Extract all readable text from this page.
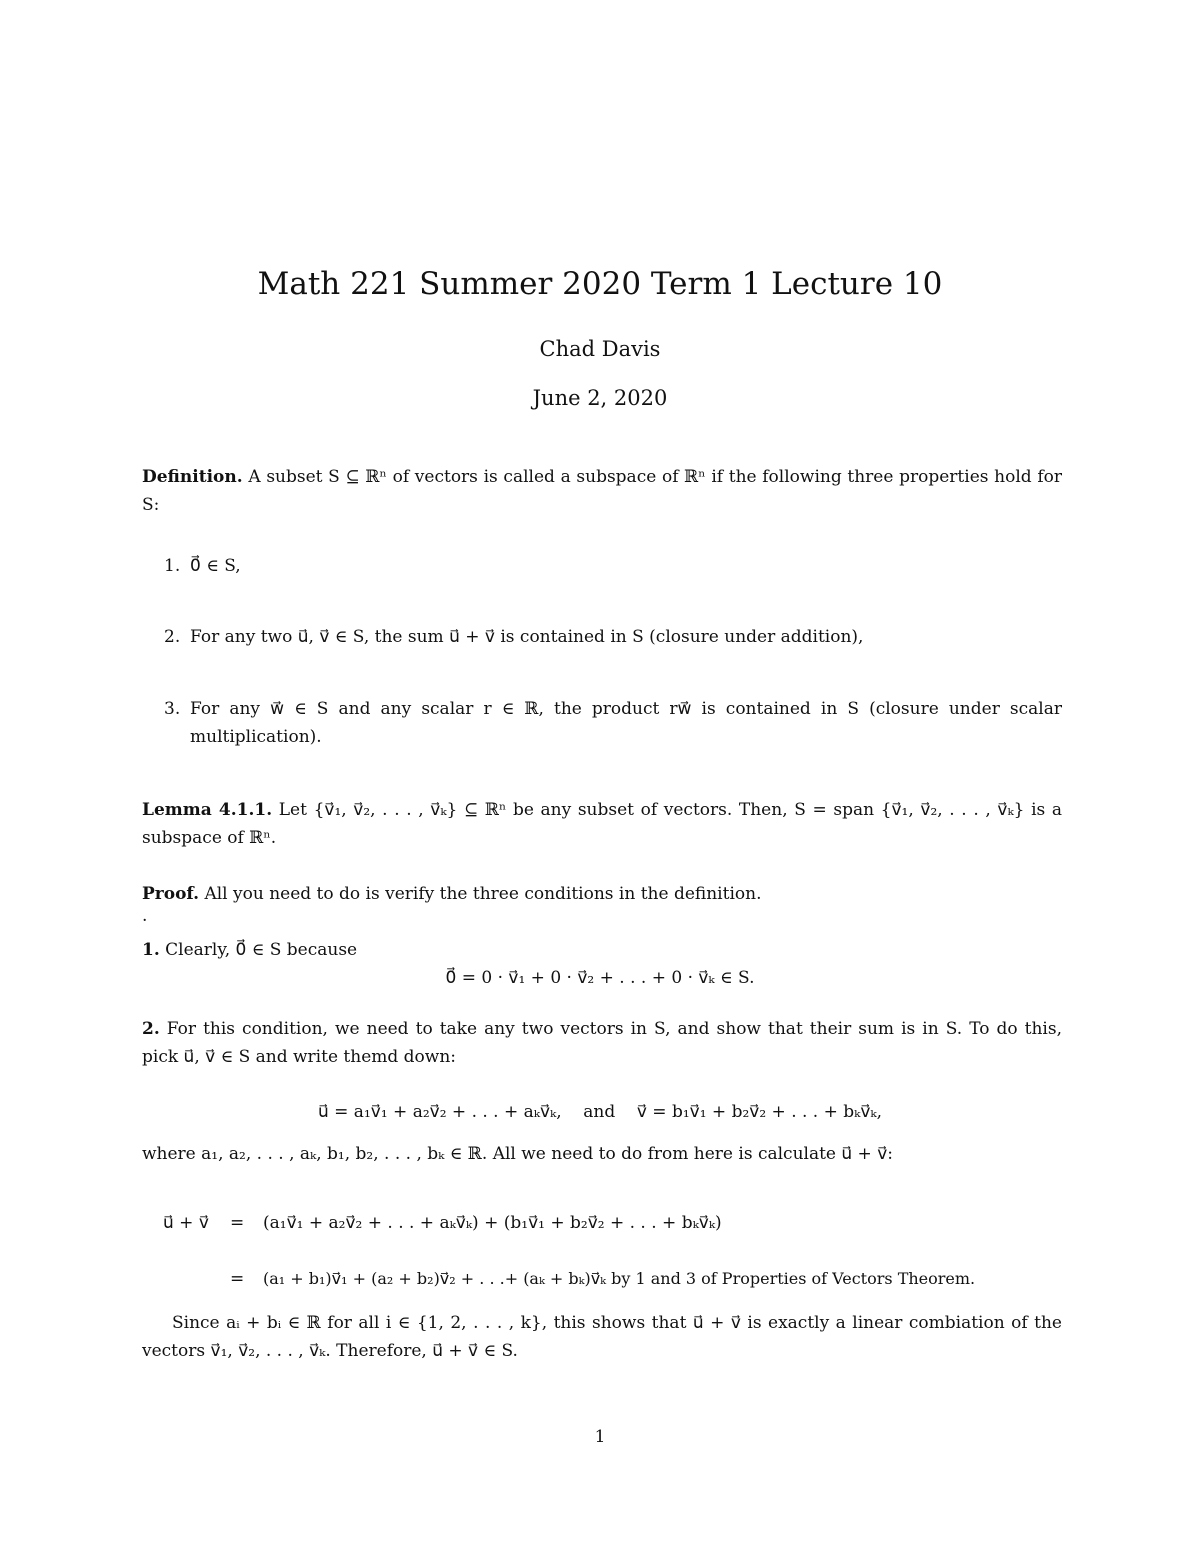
Math 221 Summer 2020 Term 1 Lecture 10
Chad Davis
June 2, 2020
Definition. A subset S ⊆ ℝⁿ of vectors is called a subspace of ℝⁿ if the following three properties hold for S:
1. 0⃗ ∈ S,
2. For any two u⃗, v⃗ ∈ S, the sum u⃗ + v⃗ is contained in S (closure under addition),
3. For any w⃗ ∈ S and any scalar r ∈ ℝ, the product rw⃗ is contained in S (closure under scalar multiplication).
Lemma 4.1.1. Let {v⃗₁, v⃗₂, . . . , v⃗ₖ} ⊆ ℝⁿ be any subset of vectors. Then, S = span {v⃗₁, v⃗₂, . . . , v⃗ₖ} is a subspace of ℝⁿ.
Proof. All you need to do is verify the three conditions in the definition.
.
1. Clearly, 0⃗ ∈ S because
0⃗ = 0 · v⃗₁ + 0 · v⃗₂ + . . . + 0 · v⃗ₖ ∈ S.
2. For this condition, we need to take any two vectors in S, and show that their sum is in S. To do this, pick u⃗, v⃗ ∈ S and write themd down:
u⃗ = a₁v⃗₁ + a₂v⃗₂ + . . . + aₖv⃗ₖ,    and    v⃗ = b₁v⃗₁ + b₂v⃗₂ + . . . + bₖv⃗ₖ,
where a₁, a₂, . . . , aₖ, b₁, b₂, . . . , bₖ ∈ ℝ. All we need to do from here is calculate u⃗ + v⃗:
u⃗ + v⃗ = (a₁v⃗₁ + a₂v⃗₂ + . . . + aₖv⃗ₖ) + (b₁v⃗₁ + b₂v⃗₂ + . . . + bₖv⃗ₖ)
= (a₁ + b₁)v⃗₁ + (a₂ + b₂)v⃗₂ + . . .+ (aₖ + bₖ)v⃗ₖ by 1 and 3 of Properties of Vectors Theorem.
Since aᵢ + bᵢ ∈ ℝ for all i ∈ {1, 2, . . . , k}, this shows that u⃗ + v⃗ is exactly a linear combiation of the vectors v⃗₁, v⃗₂, . . . , v⃗ₖ. Therefore, u⃗ + v⃗ ∈ S.
1
